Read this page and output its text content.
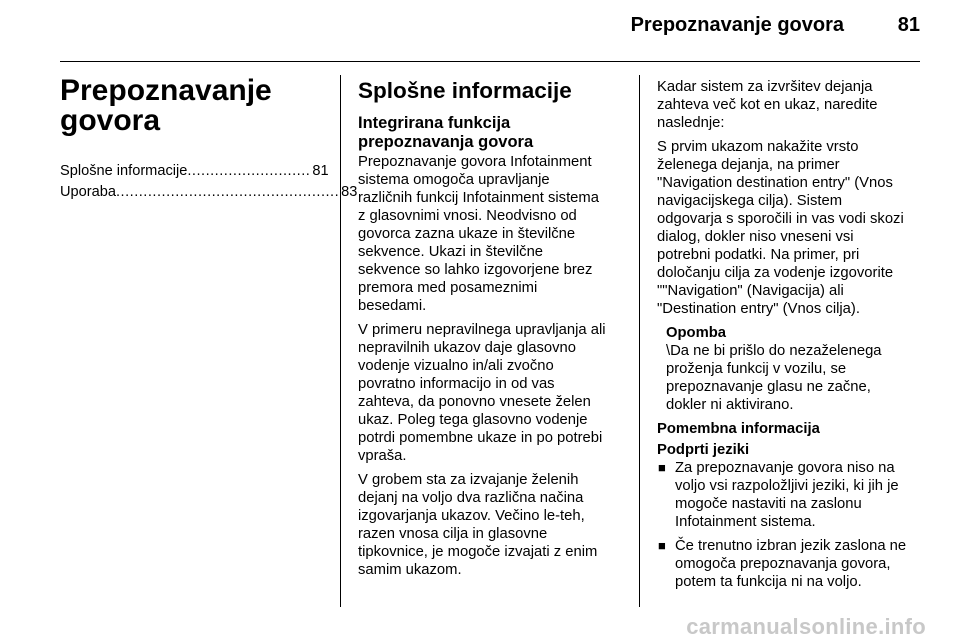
Prepoznavanje govora	81
Prepoznavanje
govora
Splošne informacije ........................... 81
Uporaba ................................................. 83
Splošne informacije
Integrirana funkcija
prepoznavanja govora
Prepoznavanje govora Infotainment
sistema omogoča upravljanje
različnih funkcij Infotainment sistema
z glasovnimi vnosi. Neodvisno od
govorca zazna ukaze in številčne
sekvence. Ukazi in številčne
sekvence so lahko izgovorjene brez
premora med posameznimi
besedami.
V primeru nepravilnega upravljanja ali
nepravilnih ukazov daje glasovno
vodenje vizualno in/ali zvočno
povratno informacijo in od vas
zahteva, da ponovno vnesete želen
ukaz. Poleg tega glasovno vodenje
potrdi pomembne ukaze in po potrebi
vpraša.
V grobem sta za izvajanje želenih
dejanj na voljo dva različna načina
izgovarjanja ukazov. Večino le-teh,
razen vnosa cilja in glasovne
tipkovnice, je mogoče izvajati z enim
samim ukazom.
Kadar sistem za izvršitev dejanja
zahteva več kot en ukaz, naredite
naslednje:
S prvim ukazom nakažite vrsto
želenega dejanja, na primer
"Navigation destination entry" (Vnos
navigacijskega cilja). Sistem
odgovarja s sporočili in vas vodi skozi
dialog, dokler niso vneseni vsi
potrebni podatki. Na primer, pri
določanju cilja za vodenje izgovorite
""Navigation" (Navigacija) ali
"Destination entry" (Vnos cilja).
Opomba
\Da ne bi prišlo do nezaželenega
proženja funkcij v vozilu, se
prepoznavanje glasu ne začne,
dokler ni aktivirano.
Pomembna informacija
Podprti jeziki
■ Za prepoznavanje govora niso na
voljo vsi razpoložljivi jeziki, ki jih je
mogoče nastaviti na zaslonu
Infotainment sistema.
■ Če trenutno izbran jezik zaslona ne
omogoča prepoznavanja govora,
potem ta funkcija ni na voljo.
carmanualsonline.info
